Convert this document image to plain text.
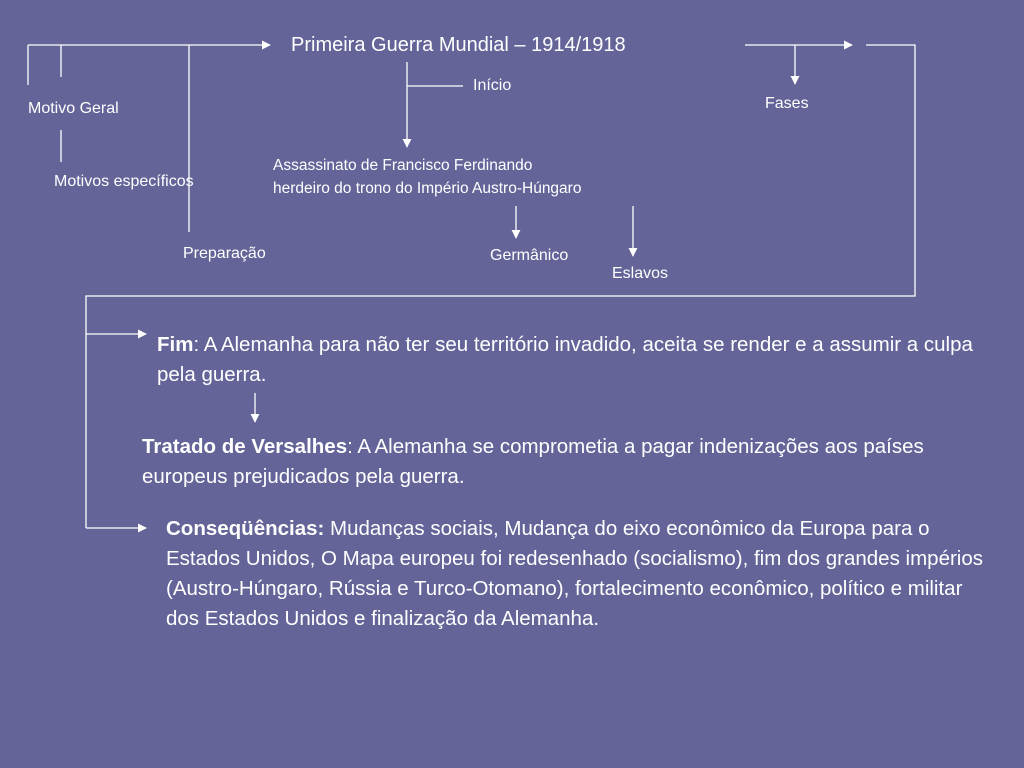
Primeira Guerra Mundial – 1914/1918
Motivo Geral
Motivos específicos
Preparação
Início
Assassinato de Francisco Ferdinando
herdeiro do trono do Império Austro-Húngaro
Germânico
Eslavos
Fases
Fim: A Alemanha para não ter seu território invadido, aceita se render e a assumir a culpa pela guerra.
Tratado de Versalhes: A Alemanha se comprometia a pagar indenizações aos países europeus prejudicados pela guerra.
Conseqüências: Mudanças sociais, Mudança do eixo econômico da Europa para o Estados Unidos, O Mapa europeu foi redesenhado (socialismo), fim dos grandes impérios (Austro-Húngaro, Rússia e Turco-Otomano), fortalecimento econômico, político e militar dos Estados Unidos e finalização da Alemanha.
